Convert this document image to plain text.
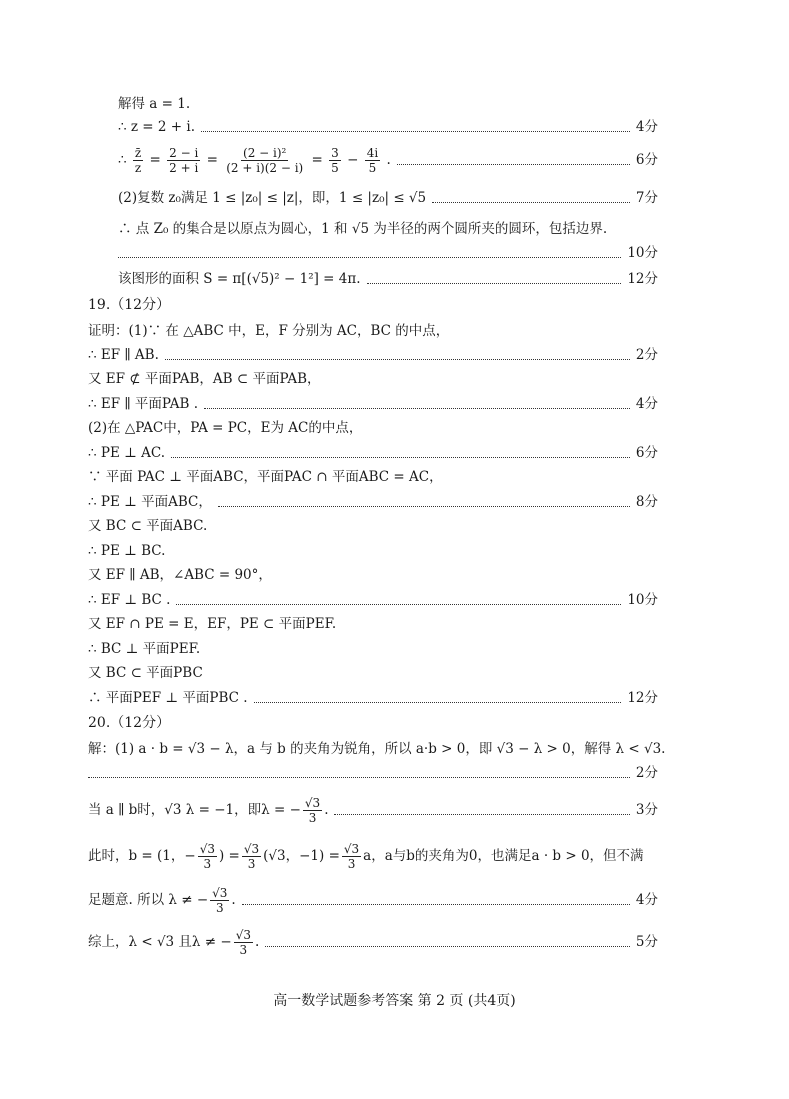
解得 a = 1.
∴ z = 2 + i.	4分
∴ $\frac{z̄}{z} = \frac{2 - i}{2 + i} = \frac{\text{(2 − i)²}}{(2 + i)(2 - i)} = \frac{3}{5} - \frac{4i}{5}$ .	6分
(2)复数 z₀满足 1 ≤ |z₀| ≤ |z|，即，1 ≤ |z₀| ≤ √5	7分
∴ 点 Z₀ 的集合是以原点为圆心，1 和 √5 为半径的两个圆所夹的圆环，包括边界.
10分
该图形的面积 S = π[(√5)² − 1²] = 4π.	12分
19.（12分）
证明：(1)∵ 在 △ABC 中，E，F 分别为 AC，BC 的中点，
∴ EF ∥ AB.	2分
又 EF ⊄ 平面PAB，AB ⊂ 平面PAB，
∴ EF ∥ 平面PAB .	4分
(2)在 △PAC中，PA = PC，E为 AC的中点，
∴ PE ⊥ AC.	6分
∵ 平面 PAC ⊥ 平面ABC，平面PAC ∩ 平面ABC = AC，
∴ PE ⊥ 平面ABC，	8分
又 BC ⊂ 平面ABC.
∴ PE ⊥ BC.
又 EF ∥ AB，∠ABC = 90°，
∴ EF ⊥ BC .	10分
又 EF ∩ PE = E，EF，PE ⊂ 平面PEF.
∴ BC ⊥ 平面PEF.
又 BC ⊂ 平面PBC
∴ 平面PEF ⊥ 平面PBC .	12分
20.（12分）
解：(1) a · b = √3 − λ，a 与 b 的夹角为锐角，所以 a·b > 0，即 √3 − λ > 0，解得 λ < √3.
2分
当 a ∥ b时，√3 λ = −1，即λ = − $\frac{√3}{3}$ .	3分
此时，b = (1，− $\frac{√3}{3}$ ) = $\frac{√3}{3} (√3$，$-1) = \frac{√3}{3}$ a，a与b的夹角为0，也满足a · b > 0，但不满
足题意. 所以 λ ≠ − $\frac{√3}{3}$ .	4分
综上，λ < √3 且λ ≠ − $\frac{√3}{3}$ .	5分
高一数学试题参考答案 第 2 页 (共4页)
